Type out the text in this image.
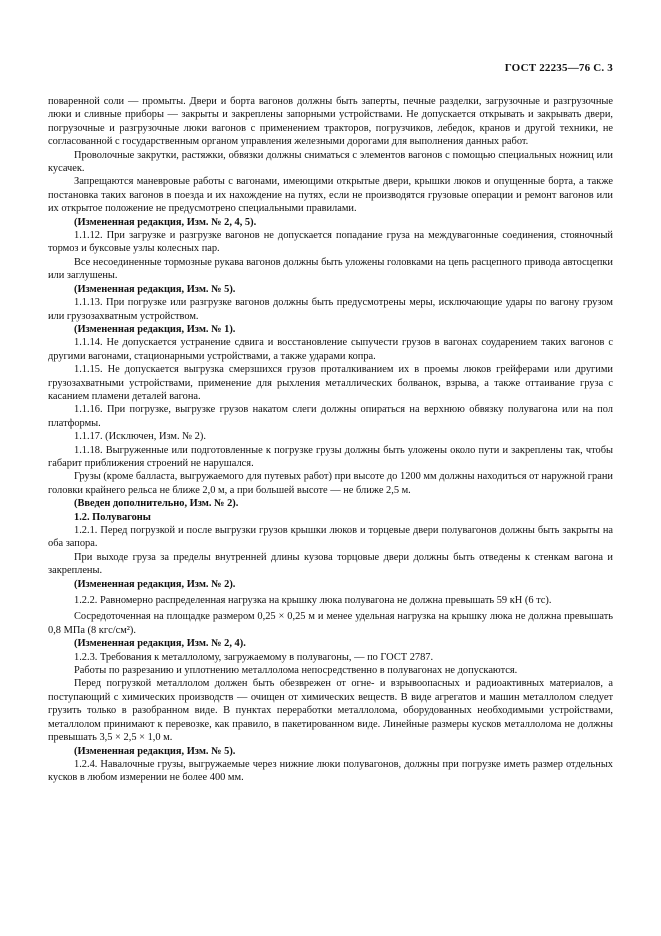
ГОСТ 22235—76 С. 3

поваренной соли — промыты. Двери и борта вагонов должны быть заперты, печные разделки, загрузочные и разгрузочные люки и сливные приборы — закрыты и закреплены запорными устройствами. Не допускается открывать и закрывать двери, погрузочные и разгрузочные люки вагонов с применением тракторов, погрузчиков, лебедок, кранов и другой техники, не согласованной с государственным органом управления железными дорогами для выполнения данных работ.

Проволочные закрутки, растяжки, обвязки должны сниматься с элементов вагонов с помощью специальных ножниц или кусачек.

Запрещаются маневровые работы с вагонами, имеющими открытые двери, крышки люков и опущенные борта, а также постановка таких вагонов в поезда и их нахождение на путях, если не производятся грузовые операции и ремонт вагонов или их открытое положение не предусмотрено специальными правилами.

(Измененная редакция, Изм. № 2, 4, 5).

1.1.12. При загрузке и разгрузке вагонов не допускается попадание груза на междувагонные соединения, стояночный тормоз и буксовые узлы колесных пар.

Все несоединенные тормозные рукава вагонов должны быть уложены головками на цепь расцепного привода автосцепки или заглушены.

(Измененная редакция, Изм. № 5).

1.1.13. При погрузке или разгрузке вагонов должны быть предусмотрены меры, исключающие удары по вагону грузом или грузозахватным устройством.

(Измененная редакция, Изм. № 1).

1.1.14. Не допускается устранение сдвига и восстановление сыпучести грузов в вагонах соударением таких вагонов с другими вагонами, стационарными устройствами, а также ударами копра.

1.1.15. Не допускается выгрузка смерзшихся грузов проталкиванием их в проемы люков грейферами или другими грузозахватными устройствами, применение для рыхления металлических болванок, взрыва, а также оттаивание груза с касанием пламени деталей вагона.

1.1.16. При погрузке, выгрузке грузов накатом слеги должны опираться на верхнюю обвязку полувагона или на пол платформы.

1.1.17. (Исключен, Изм. № 2).

1.1.18. Выгруженные или подготовленные к погрузке грузы должны быть уложены около пути и закреплены так, чтобы габарит приближения строений не нарушался.

Грузы (кроме балласта, выгружаемого для путевых работ) при высоте до 1200 мм должны находиться от наружной грани головки крайнего рельса не ближе 2,0 м, а при большей высоте — не ближе 2,5 м.

(Введен дополнительно, Изм. № 2).

1.2. Полувагоны

1.2.1. Перед погрузкой и после выгрузки грузов крышки люков и торцевые двери полувагонов должны быть закрыты на оба запора.

При выходе груза за пределы внутренней длины кузова торцовые двери должны быть отведены к стенкам вагона и закреплены.

(Измененная редакция, Изм. № 2).

1.2.2. Равномерно распределенная нагрузка на крышку люка полувагона не должна превышать 59 кН (6 тс).

Сосредоточенная на площадке размером 0,25 × 0,25 м и менее удельная нагрузка на крышку люка не должна превышать 0,8 МПа (8 кгс/см²).

(Измененная редакция, Изм. № 2, 4).

1.2.3. Требования к металлолому, загружаемому в полувагоны, — по ГОСТ 2787.

Работы по разрезанию и уплотнению металлолома непосредственно в полувагонах не допускаются.

Перед погрузкой металлолом должен быть обезврежен от огне- и взрывоопасных и радиоактивных материалов, а поступающий с химических производств — очищен от химических веществ. В виде агрегатов и машин металлолом следует грузить только в разобранном виде. В пунктах переработки металлолома, оборудованных необходимыми устройствами, металлолом принимают к перевозке, как правило, в пакетированном виде. Линейные размеры кусков металлолома не должны превышать 3,5 × 2,5 × 1,0 м.

(Измененная редакция, Изм. № 5).

1.2.4. Навалочные грузы, выгружаемые через нижние люки полувагонов, должны при погрузке иметь размер отдельных кусков в любом измерении не более 400 мм.
